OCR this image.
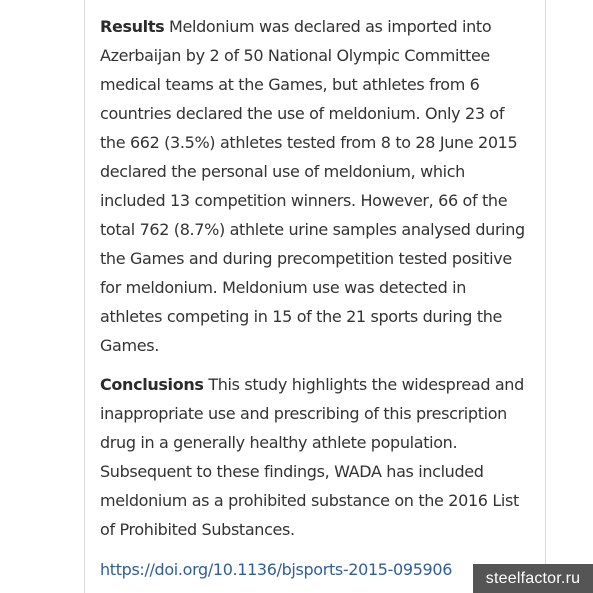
Results Meldonium was declared as imported into Azerbaijan by 2 of 50 National Olympic Committee medical teams at the Games, but athletes from 6 countries declared the use of meldonium. Only 23 of the 662 (3.5%) athletes tested from 8 to 28 June 2015 declared the personal use of meldonium, which included 13 competition winners. However, 66 of the total 762 (8.7%) athlete urine samples analysed during the Games and during precompetition tested positive for meldonium. Meldonium use was detected in athletes competing in 15 of the 21 sports during the Games.

Conclusions This study highlights the widespread and inappropriate use and prescribing of this prescription drug in a generally healthy athlete population. Subsequent to these findings, WADA has included meldonium as a prohibited substance on the 2016 List of Prohibited Substances.

https://doi.org/10.1136/bjsports-2015-095906	steelfactor.ru
